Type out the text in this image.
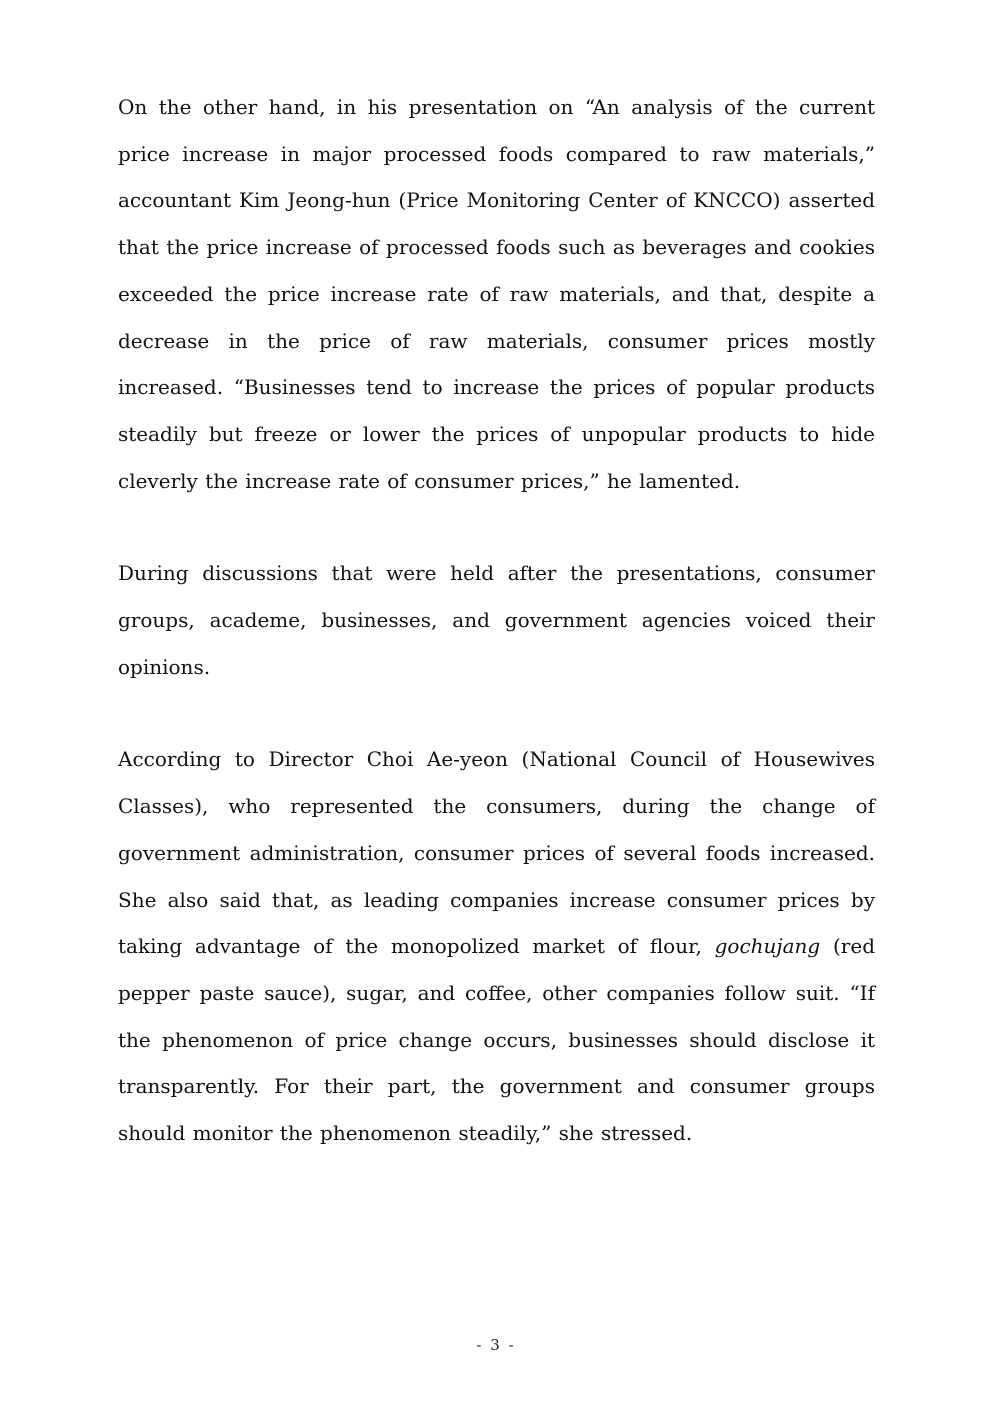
On the other hand, in his presentation on “An analysis of the current price increase in major processed foods compared to raw materials,” accountant Kim Jeong-hun (Price Monitoring Center of KNCCO) asserted that the price increase of processed foods such as beverages and cookies exceeded the price increase rate of raw materials, and that, despite a decrease in the price of raw materials, consumer prices mostly increased. “Businesses tend to increase the prices of popular products steadily but freeze or lower the prices of unpopular products to hide cleverly the increase rate of consumer prices,” he lamented.

During discussions that were held after the presentations, consumer groups, academe, businesses, and government agencies voiced their opinions.

According to Director Choi Ae-yeon (National Council of Housewives Classes), who represented the consumers, during the change of government administration, consumer prices of several foods increased. She also said that, as leading companies increase consumer prices by taking advantage of the monopolized market of flour, gochujang (red pepper paste sauce), sugar, and coffee, other companies follow suit. “If the phenomenon of price change occurs, businesses should disclose it transparently. For their part, the government and consumer groups should monitor the phenomenon steadily,” she stressed.

- 3 -
